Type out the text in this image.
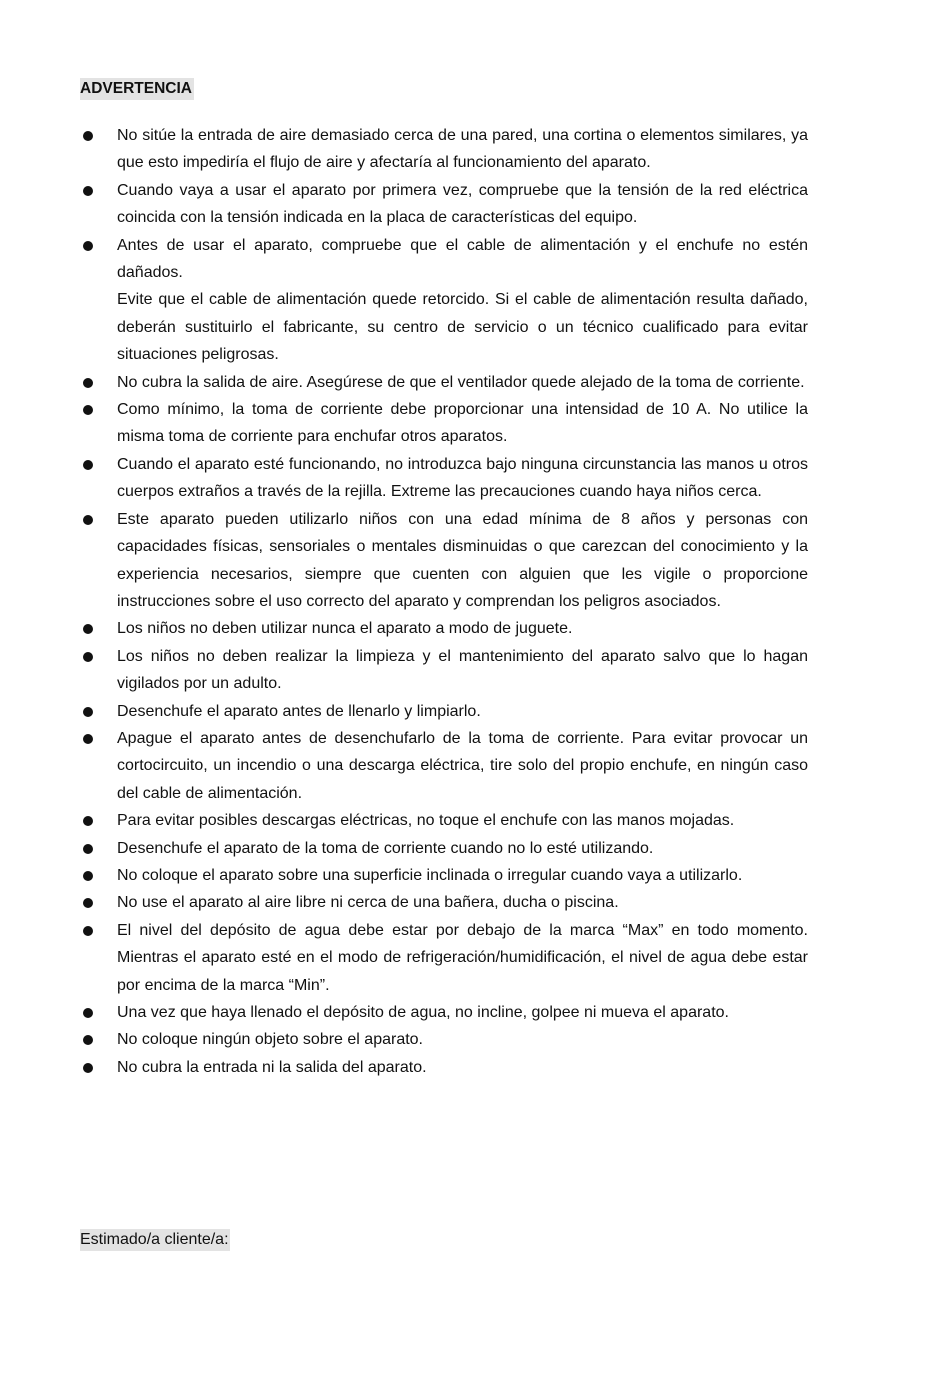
ADVERTENCIA
No sitúe la entrada de aire demasiado cerca de una pared, una cortina o elementos similares, ya que esto impediría el flujo de aire y afectaría al funcionamiento del aparato.
Cuando vaya a usar el aparato por primera vez, compruebe que la tensión de la red eléctrica coincida con la tensión indicada en la placa de características del equipo.
Antes de usar el aparato, compruebe que el cable de alimentación y el enchufe no estén dañados.
Evite que el cable de alimentación quede retorcido. Si el cable de alimentación resulta dañado, deberán sustituirlo el fabricante, su centro de servicio o un técnico cualificado para evitar situaciones peligrosas.
No cubra la salida de aire. Asegúrese de que el ventilador quede alejado de la toma de corriente.
Como mínimo, la toma de corriente debe proporcionar una intensidad de 10 A. No utilice la misma toma de corriente para enchufar otros aparatos.
Cuando el aparato esté funcionando, no introduzca bajo ninguna circunstancia las manos u otros cuerpos extraños a través de la rejilla. Extreme las precauciones cuando haya niños cerca.
Este aparato pueden utilizarlo niños con una edad mínima de 8 años y personas con capacidades físicas, sensoriales o mentales disminuidas o que carezcan del conocimiento y la experiencia necesarios, siempre que cuenten con alguien que les vigile o proporcione instrucciones sobre el uso correcto del aparato y comprendan los peligros asociados.
Los niños no deben utilizar nunca el aparato a modo de juguete.
Los niños no deben realizar la limpieza y el mantenimiento del aparato salvo que lo hagan vigilados por un adulto.
Desenchufe el aparato antes de llenarlo y limpiarlo.
Apague el aparato antes de desenchufarlo de la toma de corriente. Para evitar provocar un cortocircuito, un incendio o una descarga eléctrica, tire solo del propio enchufe, en ningún caso del cable de alimentación.
Para evitar posibles descargas eléctricas, no toque el enchufe con las manos mojadas.
Desenchufe el aparato de la toma de corriente cuando no lo esté utilizando.
No coloque el aparato sobre una superficie inclinada o irregular cuando vaya a utilizarlo.
No use el aparato al aire libre ni cerca de una bañera, ducha o piscina.
El nivel del depósito de agua debe estar por debajo de la marca “Max” en todo momento. Mientras el aparato esté en el modo de refrigeración/humidificación, el nivel de agua debe estar por encima de la marca “Min”.
Una vez que haya llenado el depósito de agua, no incline, golpee ni mueva el aparato.
No coloque ningún objeto sobre el aparato.
No cubra la entrada ni la salida del aparato.
Estimado/a cliente/a:
